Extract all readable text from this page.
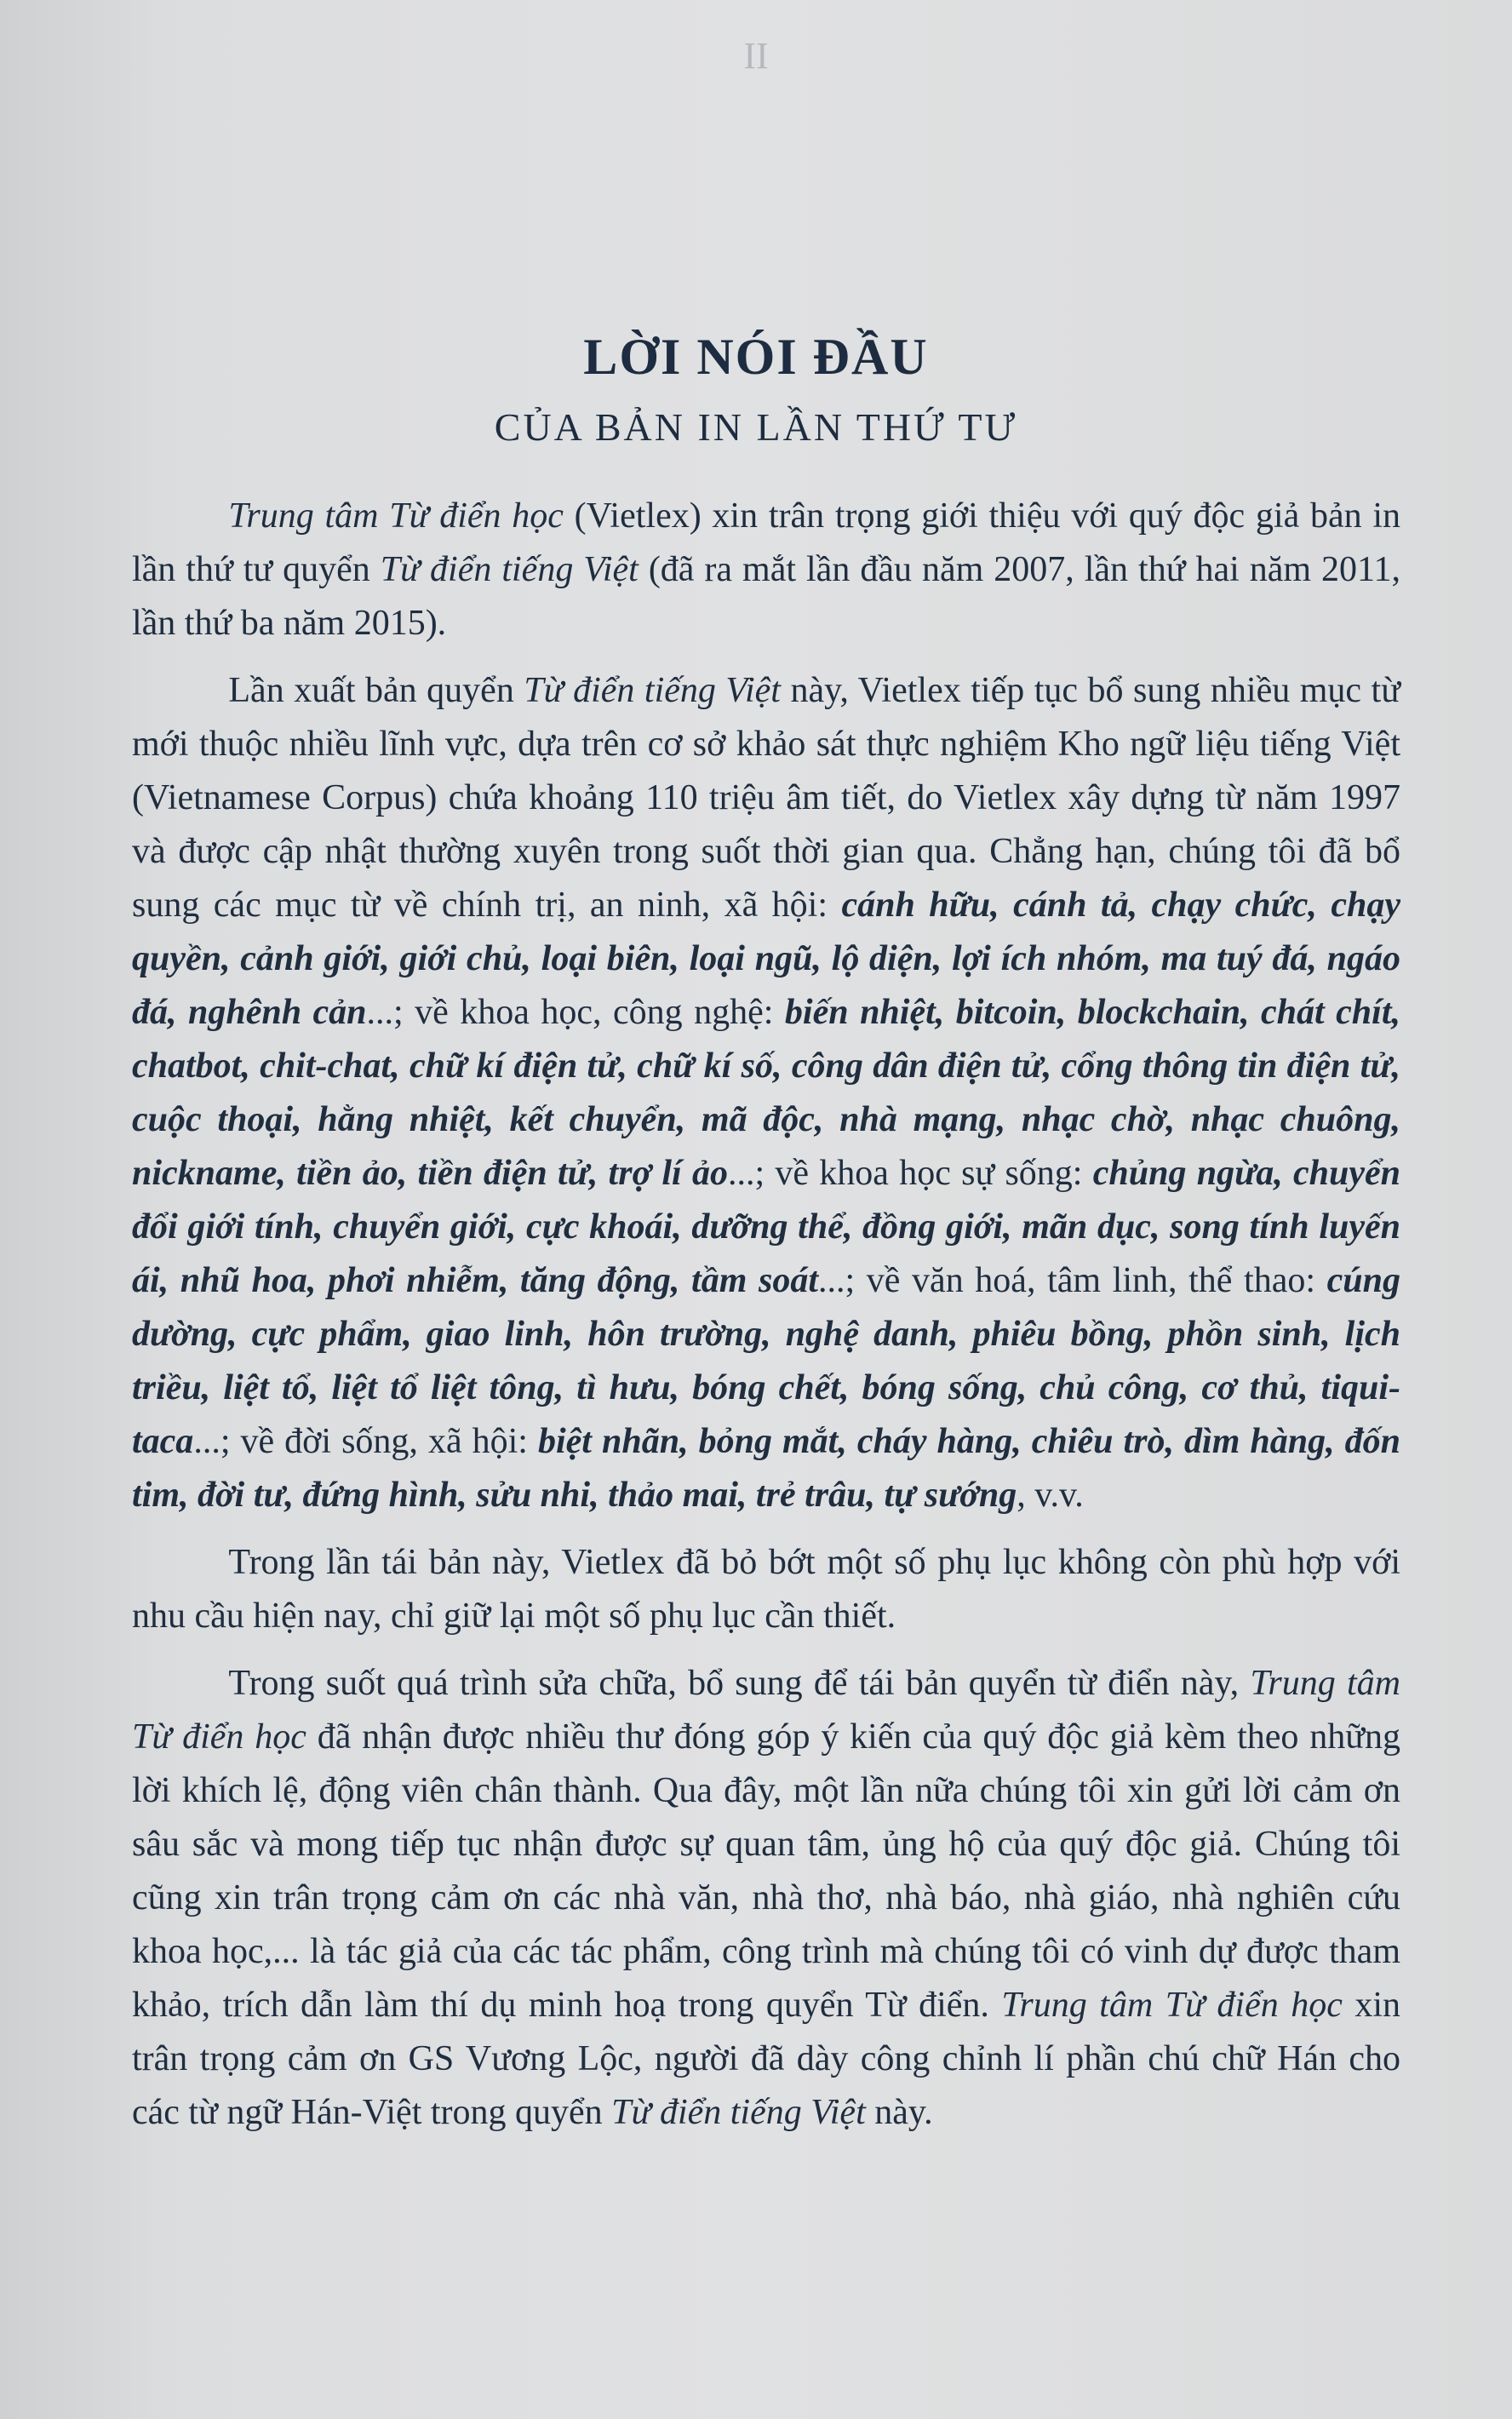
II
LỜI NÓI ĐẦU
CỦA BẢN IN LẦN THỨ TƯ

Trung tâm Từ điển học (Vietlex) xin trân trọng giới thiệu với quý độc giả bản in lần thứ tư quyển Từ điển tiếng Việt (đã ra mắt lần đầu năm 2007, lần thứ hai năm 2011, lần thứ ba năm 2015).

Lần xuất bản quyển Từ điển tiếng Việt này, Vietlex tiếp tục bổ sung nhiều mục từ mới thuộc nhiều lĩnh vực, dựa trên cơ sở khảo sát thực nghiệm Kho ngữ liệu tiếng Việt (Vietnamese Corpus) chứa khoảng 110 triệu âm tiết, do Vietlex xây dựng từ năm 1997 và được cập nhật thường xuyên trong suốt thời gian qua. Chẳng hạn, chúng tôi đã bổ sung các mục từ về chính trị, an ninh, xã hội: cánh hữu, cánh tả, chạy chức, chạy quyền, cảnh giới, giới chủ, loại biên, loại ngũ, lộ diện, lợi ích nhóm, ma tuý đá, ngáo đá, nghênh cản...; về khoa học, công nghệ: biến nhiệt, bitcoin, blockchain, chát chít, chatbot, chit-chat, chữ kí điện tử, chữ kí số, công dân điện tử, cổng thông tin điện tử, cuộc thoại, hằng nhiệt, kết chuyển, mã độc, nhà mạng, nhạc chờ, nhạc chuông, nickname, tiền ảo, tiền điện tử, trợ lí ảo...; về khoa học sự sống: chủng ngừa, chuyển đổi giới tính, chuyển giới, cực khoái, dưỡng thể, đồng giới, mãn dục, song tính luyến ái, nhũ hoa, phơi nhiễm, tăng động, tầm soát...; về văn hoá, tâm linh, thể thao: cúng dường, cực phẩm, giao linh, hôn trường, nghệ danh, phiêu bồng, phồn sinh, lịch triều, liệt tổ, liệt tổ liệt tông, tì hưu, bóng chết, bóng sống, chủ công, cơ thủ, tiqui-taca...; về đời sống, xã hội: biệt nhãn, bỏng mắt, cháy hàng, chiêu trò, dìm hàng, đốn tim, đời tư, đứng hình, sửu nhi, thảo mai, trẻ trâu, tự sướng, v.v.

Trong lần tái bản này, Vietlex đã bỏ bớt một số phụ lục không còn phù hợp với nhu cầu hiện nay, chỉ giữ lại một số phụ lục cần thiết.

Trong suốt quá trình sửa chữa, bổ sung để tái bản quyển từ điển này, Trung tâm Từ điển học đã nhận được nhiều thư đóng góp ý kiến của quý độc giả kèm theo những lời khích lệ, động viên chân thành. Qua đây, một lần nữa chúng tôi xin gửi lời cảm ơn sâu sắc và mong tiếp tục nhận được sự quan tâm, ủng hộ của quý độc giả. Chúng tôi cũng xin trân trọng cảm ơn các nhà văn, nhà thơ, nhà báo, nhà giáo, nhà nghiên cứu khoa học,... là tác giả của các tác phẩm, công trình mà chúng tôi có vinh dự được tham khảo, trích dẫn làm thí dụ minh hoạ trong quyển Từ điển. Trung tâm Từ điển học xin trân trọng cảm ơn GS Vương Lộc, người đã dày công chỉnh lí phần chú chữ Hán cho các từ ngữ Hán-Việt trong quyển Từ điển tiếng Việt này.
